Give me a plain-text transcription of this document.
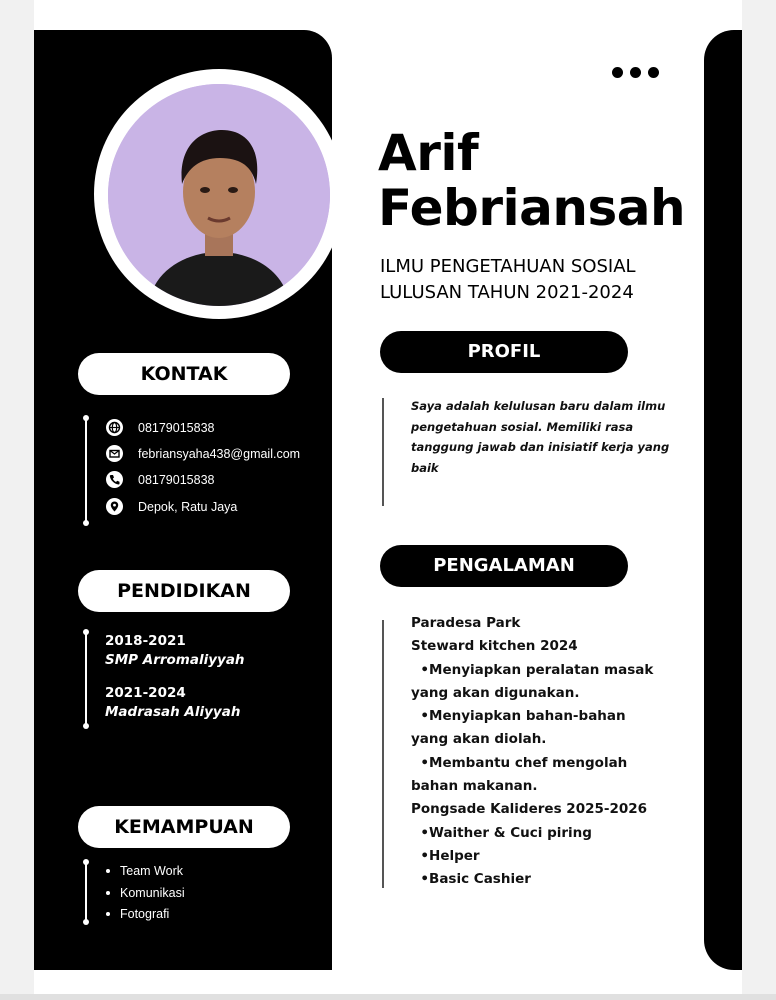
Arif
Febriansah
ILMU PENGETAHUAN SOSIAL
LULUSAN TAHUN 2021-2024
KONTAK
08179015838
febriansyaha438@gmail.com
08179015838
Depok, Ratu Jaya
PENDIDIKAN
2018-2021
SMP Arromaliyyah
2021-2024
Madrasah Aliyyah
KEMAMPUAN
Team Work
Komunikasi
Fotografi
PROFIL
Saya adalah kelulusan baru dalam ilmu pengetahuan sosial. Memiliki rasa tanggung jawab dan inisiatif kerja yang baik
PENGALAMAN
Paradesa Park
Steward kitchen 2024
•Menyiapkan peralatan masak
yang akan digunakan.
•Menyiapkan bahan-bahan
yang akan diolah.
•Membantu chef mengolah
bahan makanan.
Pongsade Kalideres 2025-2026
•Waither & Cuci piring
•Helper
•Basic Cashier
